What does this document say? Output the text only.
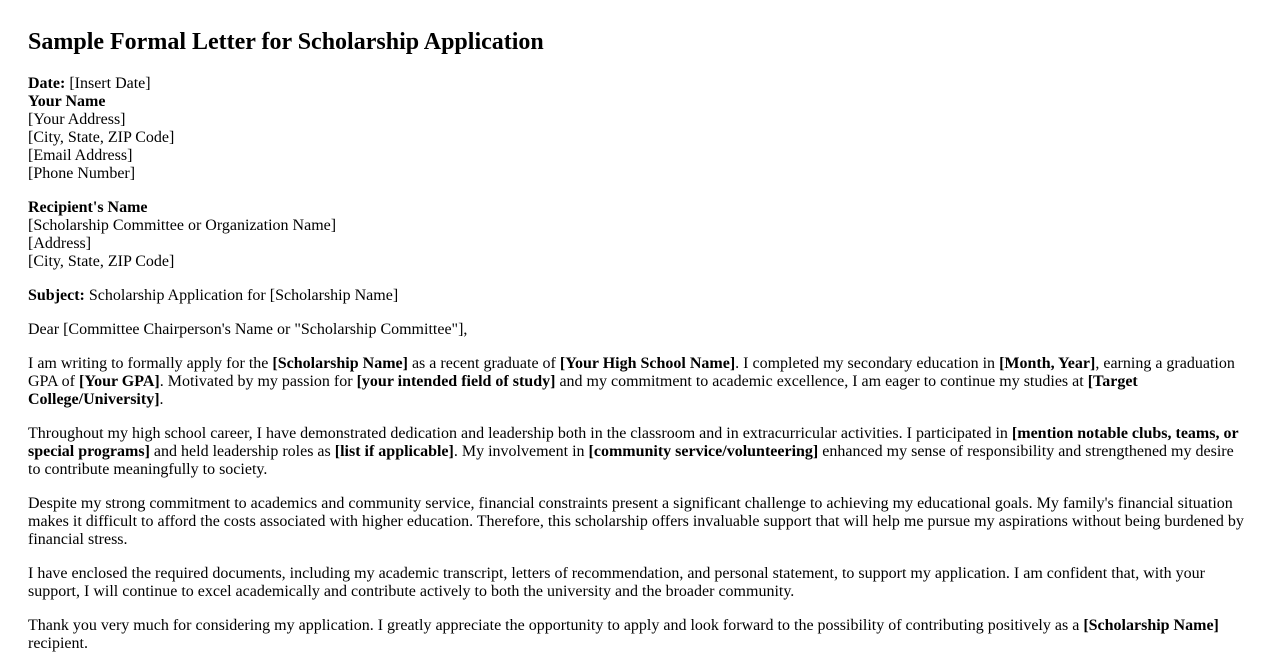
Sample Formal Letter for Scholarship Application
Date: [Insert Date]
Your Name
[Your Address]
[City, State, ZIP Code]
[Email Address]
[Phone Number]
Recipient's Name
[Scholarship Committee or Organization Name]
[Address]
[City, State, ZIP Code]
Subject: Scholarship Application for [Scholarship Name]
Dear [Committee Chairperson's Name or "Scholarship Committee"],

I am writing to formally apply for the [Scholarship Name] as a recent graduate of [Your High School Name]. I completed my secondary education in [Month, Year], earning a graduation GPA of [Your GPA]. Motivated by my passion for [your intended field of study] and my commitment to academic excellence, I am eager to continue my studies at [Target College/University].

Throughout my high school career, I have demonstrated dedication and leadership both in the classroom and in extracurricular activities. I participated in [mention notable clubs, teams, or special programs] and held leadership roles as [list if applicable]. My involvement in [community service/volunteering] enhanced my sense of responsibility and strengthened my desire to contribute meaningfully to society.

Despite my strong commitment to academics and community service, financial constraints present a significant challenge to achieving my educational goals. My family's financial situation makes it difficult to afford the costs associated with higher education. Therefore, this scholarship offers invaluable support that will help me pursue my aspirations without being burdened by financial stress.

I have enclosed the required documents, including my academic transcript, letters of recommendation, and personal statement, to support my application. I am confident that, with your support, I will continue to excel academically and contribute actively to both the university and the broader community.

Thank you very much for considering my application. I greatly appreciate the opportunity to apply and look forward to the possibility of contributing positively as a [Scholarship Name] recipient.
